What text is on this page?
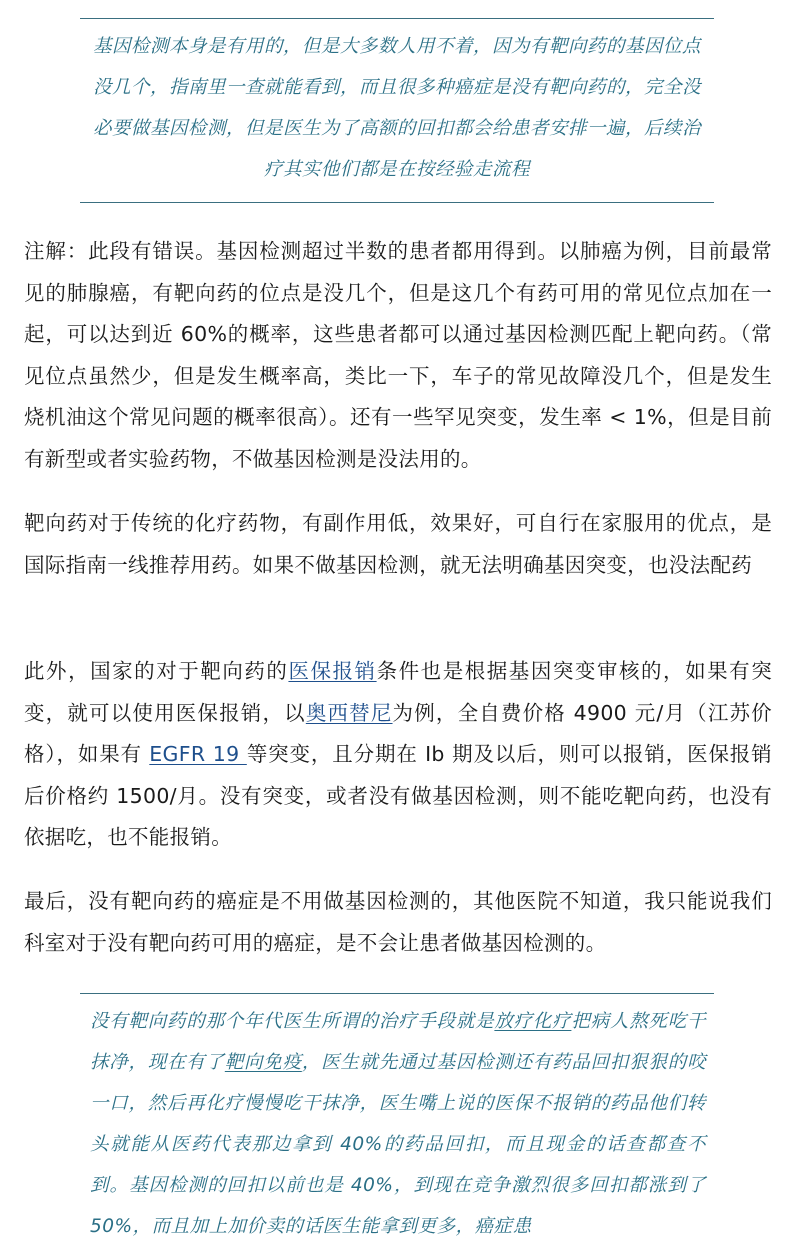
基因检测本身是有用的，但是大多数人用不着，因为有靶向药的基因位点没几个，指南里一查就能看到，而且很多种癌症是没有靶向药的，完全没必要做基因检测，但是医生为了高额的回扣都会给患者安排一遍，后续治疗其实他们都是在按经验走流程

注解：此段有错误。基因检测超过半数的患者都用得到。以肺癌为例，目前最常见的肺腺癌，有靶向药的位点是没几个，但是这几个有药可用的常见位点加在一起，可以达到近 60%的概率，这些患者都可以通过基因检测匹配上靶向药。（常见位点虽然少，但是发生概率高，类比一下，车子的常见故障没几个，但是发生烧机油这个常见问题的概率很高）。还有一些罕见突变，发生率 < 1%，但是目前有新型或者实验药物，不做基因检测是没法用的。

靶向药对于传统的化疗药物，有副作用低，效果好，可自行在家服用的优点，是国际指南一线推荐用药。如果不做基因检测，就无法明确基因突变，也没法配药

此外，国家的对于靶向药的医保报销条件也是根据基因突变审核的，如果有突变，就可以使用医保报销，以奥西替尼为例，全自费价格 4900 元/月（江苏价格），如果有 EGFR 19 等突变，且分期在 Ib 期及以后，则可以报销，医保报销后价格约 1500/月。没有突变，或者没有做基因检测，则不能吃靶向药，也没有依据吃，也不能报销。

最后，没有靶向药的癌症是不用做基因检测的，其他医院不知道，我只能说我们科室对于没有靶向药可用的癌症，是不会让患者做基因检测的。

没有靶向药的那个年代医生所谓的治疗手段就是放疗化疗把病人熬死吃干抹净，现在有了靶向免疫，医生就先通过基因检测还有药品回扣狠狠的咬一口，然后再化疗慢慢吃干抹净，医生嘴上说的医保不报销的药品他们转头就能从医药代表那边拿到 40%的药品回扣，而且现金的话查都查不到。基因检测的回扣以前也是 40%，到现在竞争激烈很多回扣都涨到了 50%，而且加上加价卖的话医生能拿到更多，癌症患
